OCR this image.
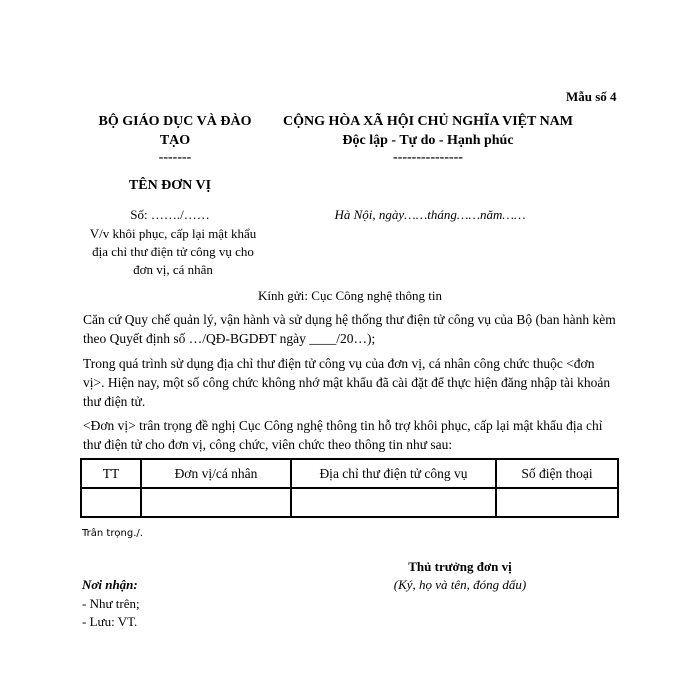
Mẫu số 4
BỘ GIÁO DỤC VÀ ĐÀO
TẠO
-------
CỘNG HÒA XÃ HỘI CHỦ NGHĨA VIỆT NAM
Độc lập - Tự do - Hạnh phúc
---------------
TÊN ĐƠN VỊ
Số: ……./……
V/v khôi phục, cấp lại mật khẩu
địa chỉ thư điện tử công vụ cho
đơn vị, cá nhân
Hà Nội, ngày……tháng……năm……
Kính gửi: Cục Công nghệ thông tin
Căn cứ Quy chế quản lý, vận hành và sử dụng hệ thống thư điện tử công vụ của Bộ (ban hành kèm theo Quyết định số …/QĐ-BGDĐT ngày ____/20…);
Trong quá trình sử dụng địa chỉ thư điện tử công vụ của đơn vị, cá nhân công chức thuộc <đơn vị>. Hiện nay, một số công chức không nhớ mật khẩu đã cài đặt để thực hiện đăng nhập tài khoản thư điện tử.
<Đơn vị> trân trọng đề nghị Cục Công nghệ thông tin hỗ trợ khôi phục, cấp lại mật khẩu địa chỉ thư điện tử cho đơn vị, công chức, viên chức theo thông tin như sau:
TT	Đơn vị/cá nhân	Địa chỉ thư điện tử công vụ	Số điện thoại

Trân trọng./.
Thủ trưởng đơn vị
(Ký, họ và tên, đóng dấu)
Nơi nhận:
- Như trên;
- Lưu: VT.
